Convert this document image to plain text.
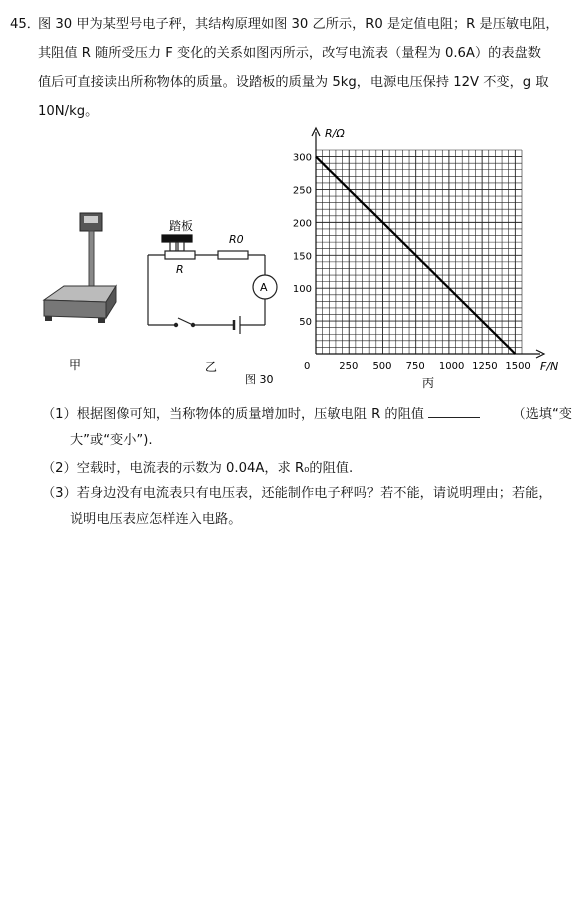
45．
图 30 甲为某型号电子秤，其结构原理如图 30 乙所示，R0 是定值电阻；R 是压敏电阻，
其阻值 R 随所受压力 F 变化的关系如图丙所示，改写电流表（量程为 0.6A）的表盘数
值后可直接读出所称物体的质量。设踏板的质量为 5kg，电源电压保持 12V 不变，g 取
10N/kg。
甲
踏板
R
R0
A
乙
图 30
0	250 500 750 1000 1250 1500
50
100
150
200
250
300
R/Ω
F/N
丙
（1）根据图像可知，当称物体的质量增加时，压敏电阻 R 的阻值	（选填“变
大”或“变小”).
（2）空载时，电流表的示数为 0.04A，求 R₀的阻值.
（3）若身边没有电流表只有电压表，还能制作电子秤吗？若不能，请说明理由；若能，
说明电压表应怎样连入电路。
